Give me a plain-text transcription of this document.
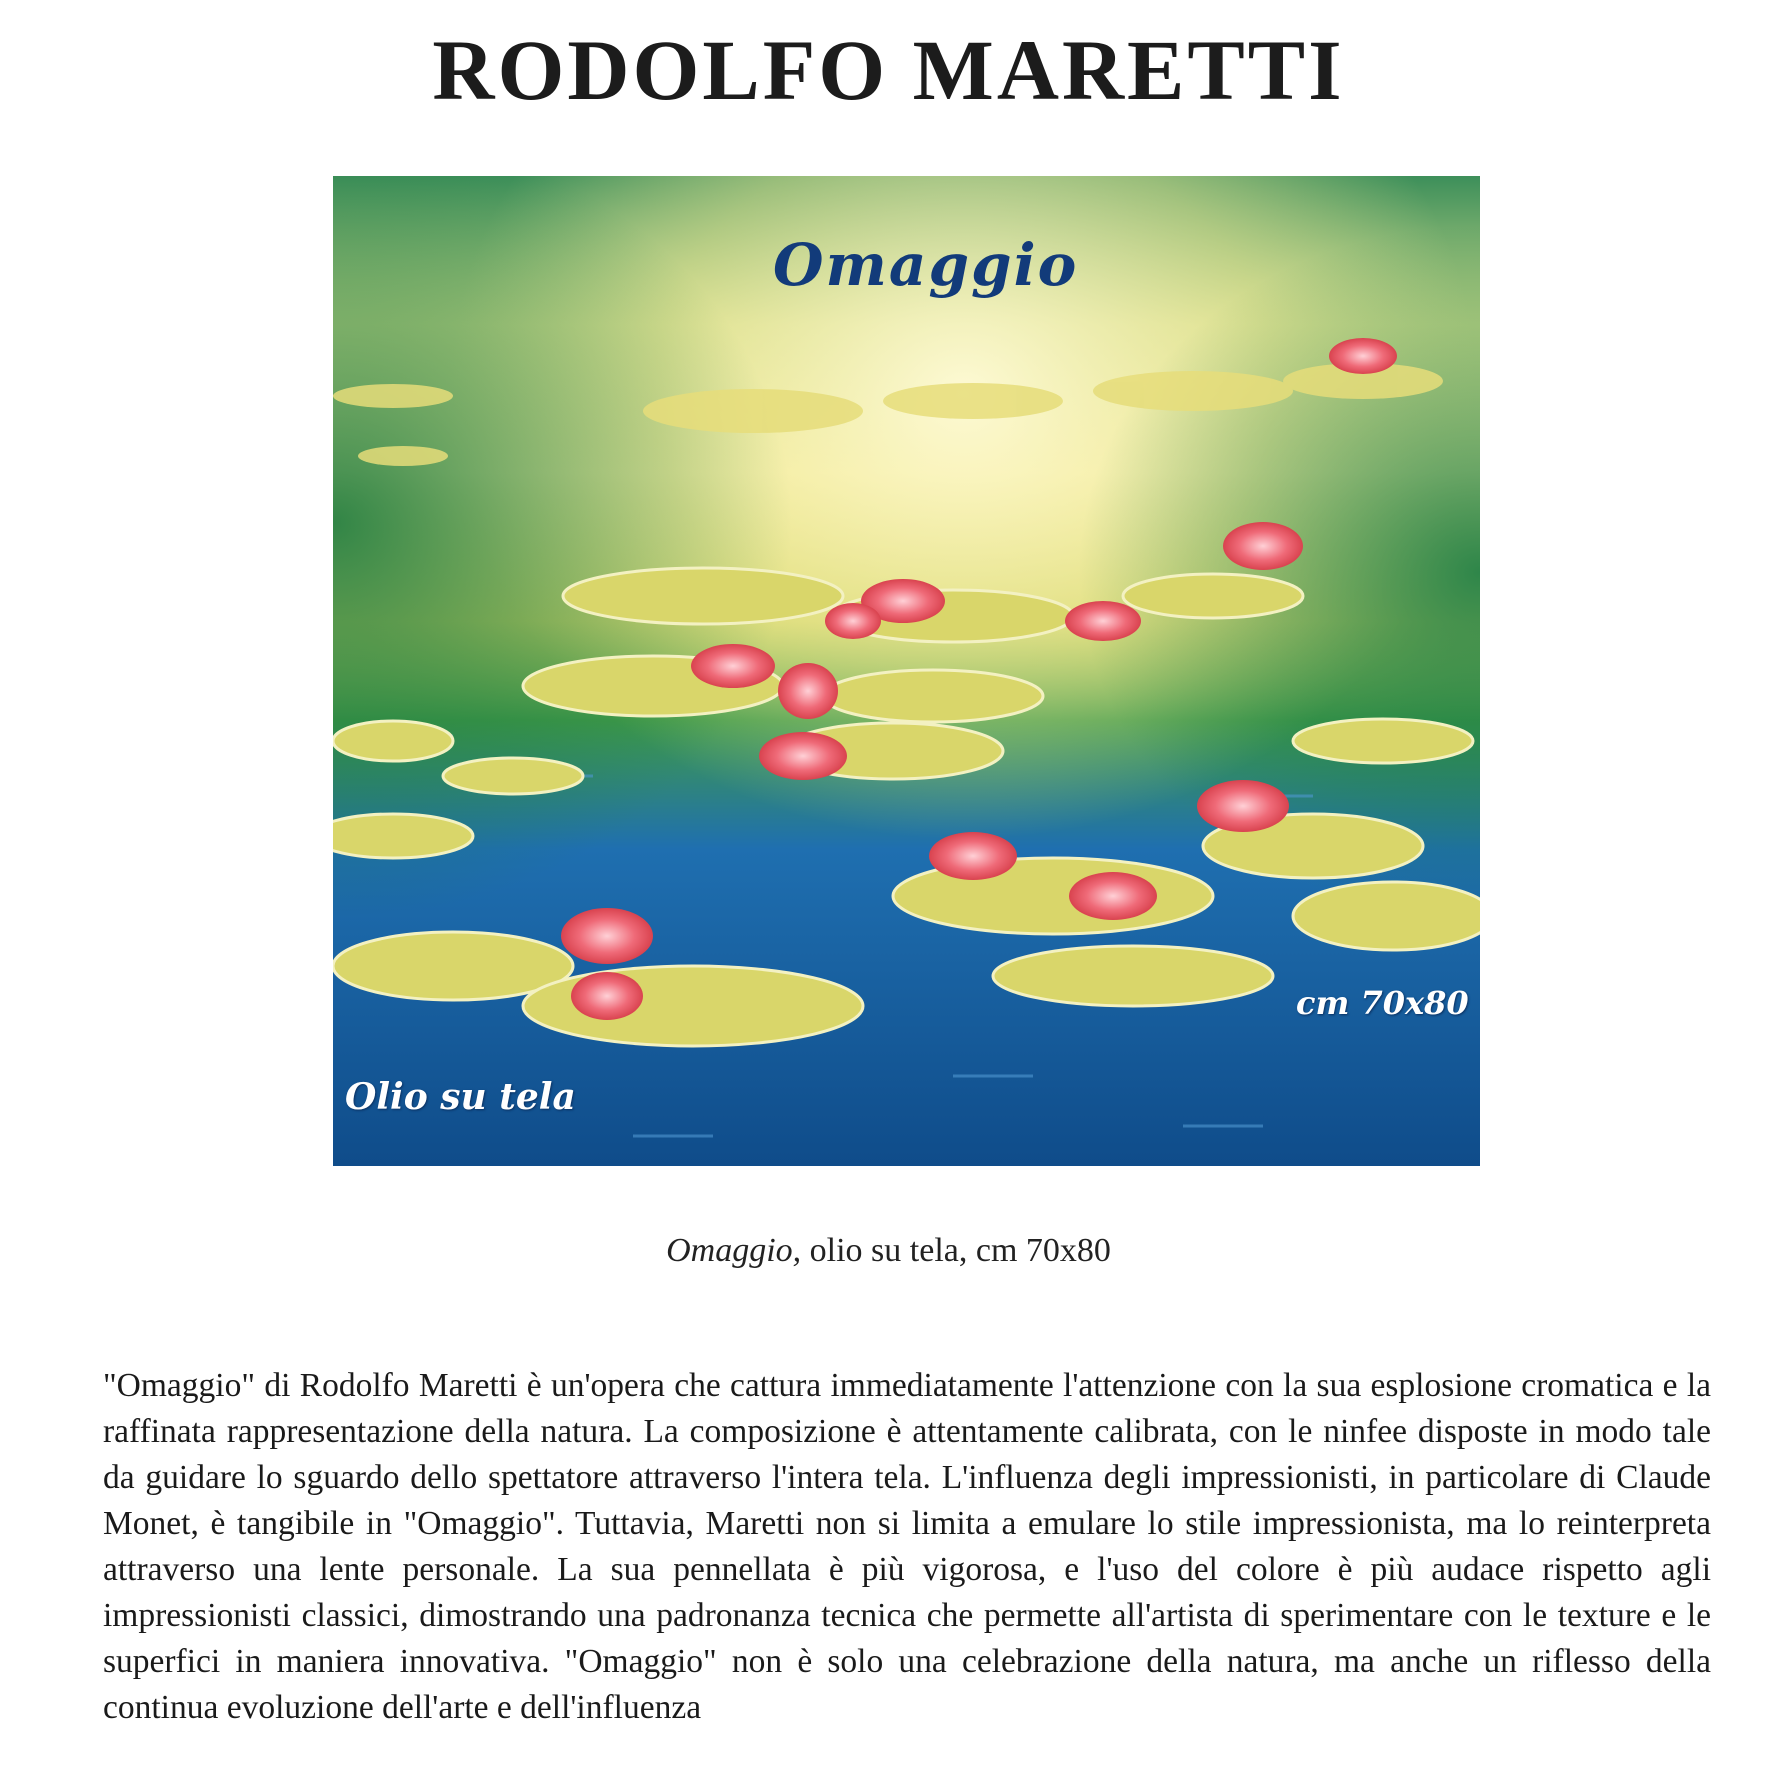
RODOLFO MARETTI
Omaggio
cm 70x80
Olio su tela
Omaggio, olio su tela, cm 70x80

"Omaggio" di Rodolfo Maretti è un'opera che cattura immediatamente l'attenzione con la sua esplosione cromatica e la raffinata rappresentazione della natura. La composizione è attentamente calibrata, con le ninfee disposte in modo tale da guidare lo sguardo dello spettatore attraverso l'intera tela. L'influenza degli impressionisti, in particolare di Claude Monet, è tangibile in "Omaggio". Tuttavia, Maretti non si limita a emulare lo stile impressionista, ma lo reinterpreta attraverso una lente personale. La sua pennellata è più vigorosa, e l'uso del colore è più audace rispetto agli impressionisti classici, dimostrando una padronanza tecnica che permette all'artista di sperimentare con le texture e le superfici in maniera innovativa. "Omaggio" non è solo una celebrazione della natura, ma anche un riflesso della continua evoluzione dell'arte e dell'influenza
